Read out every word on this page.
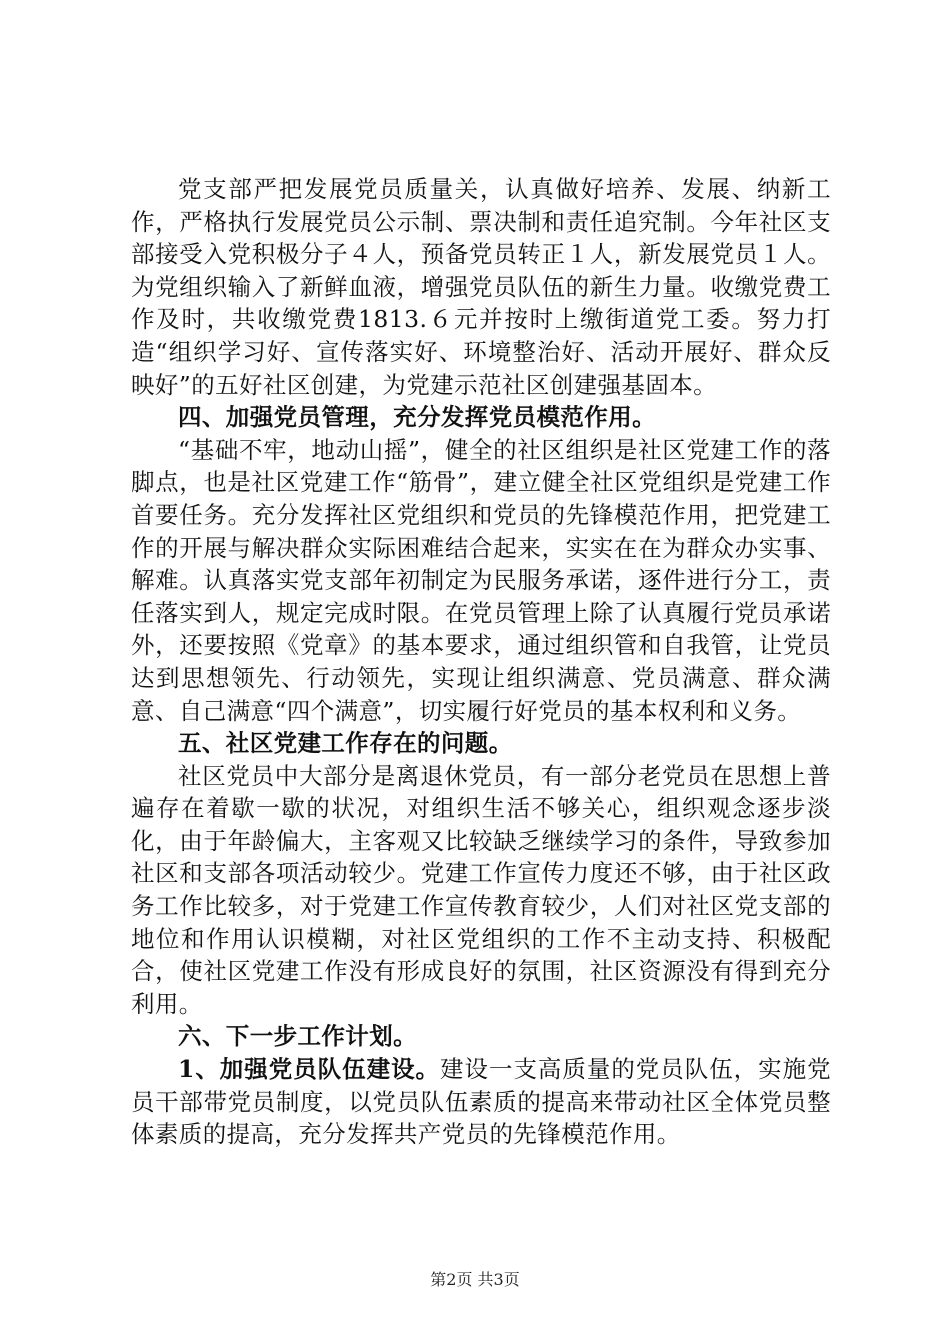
党支部严把发展党员质量关，认真做好培养、发展、纳新工作，严格执行发展党员公示制、票决制和责任追究制。今年社区支部接受入党积极分子４人，预备党员转正１人，新发展党员１人。为党组织输入了新鲜血液，增强党员队伍的新生力量。收缴党费工作及时，共收缴党费1813.６元并按时上缴街道党工委。努力打造“组织学习好、宣传落实好、环境整治好、活动开展好、群众反映好”的五好社区创建，为党建示范社区创建强基固本。

四、加强党员管理，充分发挥党员模范作用。

“基础不牢，地动山摇”，健全的社区组织是社区党建工作的落脚点，也是社区党建工作“筋骨”，建立健全社区党组织是党建工作首要任务。充分发挥社区党组织和党员的先锋模范作用，把党建工作的开展与解决群众实际困难结合起来，实实在在为群众办实事、解难。认真落实党支部年初制定为民服务承诺，逐件进行分工，责任落实到人，规定完成时限。在党员管理上除了认真履行党员承诺外，还要按照《党章》的基本要求，通过组织管和自我管，让党员达到思想领先、行动领先，实现让组织满意、党员满意、群众满意、自己满意“四个满意”，切实履行好党员的基本权利和义务。

五、社区党建工作存在的问题。

社区党员中大部分是离退休党员，有一部分老党员在思想上普遍存在着歇一歇的状况，对组织生活不够关心，组织观念逐步淡化，由于年龄偏大，主客观又比较缺乏继续学习的条件，导致参加社区和支部各项活动较少。党建工作宣传力度还不够，由于社区政务工作比较多，对于党建工作宣传教育较少，人们对社区党支部的地位和作用认识模糊，对社区党组织的工作不主动支持、积极配合，使社区党建工作没有形成良好的氛围，社区资源没有得到充分利用。

六、下一步工作计划。

1、加强党员队伍建设。建设一支高质量的党员队伍，实施党员干部带党员制度，以党员队伍素质的提高来带动社区全体党员整体素质的提高，充分发挥共产党员的先锋模范作用。

第2页 共3页
